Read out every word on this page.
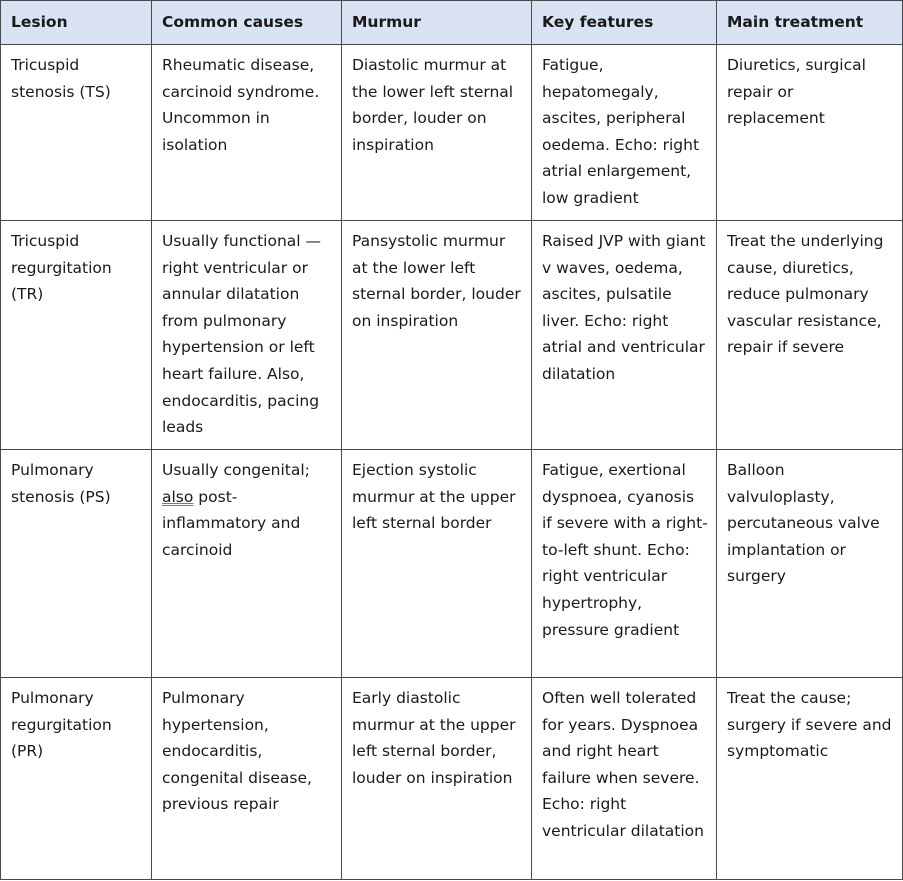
Lesion	Common causes	Murmur	Key features	Main treatment
Tricuspid stenosis (TS)	Rheumatic disease, carcinoid syndrome. Uncommon in isolation	Diastolic murmur at the lower left sternal border, louder on inspiration	Fatigue, hepatomegaly, ascites, peripheral oedema. Echo: right atrial enlargement, low gradient	Diuretics, surgical repair or replacement
Tricuspid regurgitation (TR)	Usually functional — right ventricular or annular dilatation from pulmonary hypertension or left heart failure. Also, endocarditis, pacing leads	Pansystolic murmur at the lower left sternal border, louder on inspiration	Raised JVP with giant v waves, oedema, ascites, pulsatile liver. Echo: right atrial and ventricular dilatation	Treat the underlying cause, diuretics, reduce pulmonary vascular resistance, repair if severe
Pulmonary stenosis (PS)	Usually congenital; also post-inflammatory and carcinoid	Ejection systolic murmur at the upper left sternal border	Fatigue, exertional dyspnoea, cyanosis if severe with a right-to-left shunt. Echo: right ventricular hypertrophy, pressure gradient	Balloon valvuloplasty, percutaneous valve implantation or surgery
Pulmonary regurgitation (PR)	Pulmonary hypertension, endocarditis, congenital disease, previous repair	Early diastolic murmur at the upper left sternal border, louder on inspiration	Often well tolerated for years. Dyspnoea and right heart failure when severe. Echo: right ventricular dilatation	Treat the cause; surgery if severe and symptomatic
